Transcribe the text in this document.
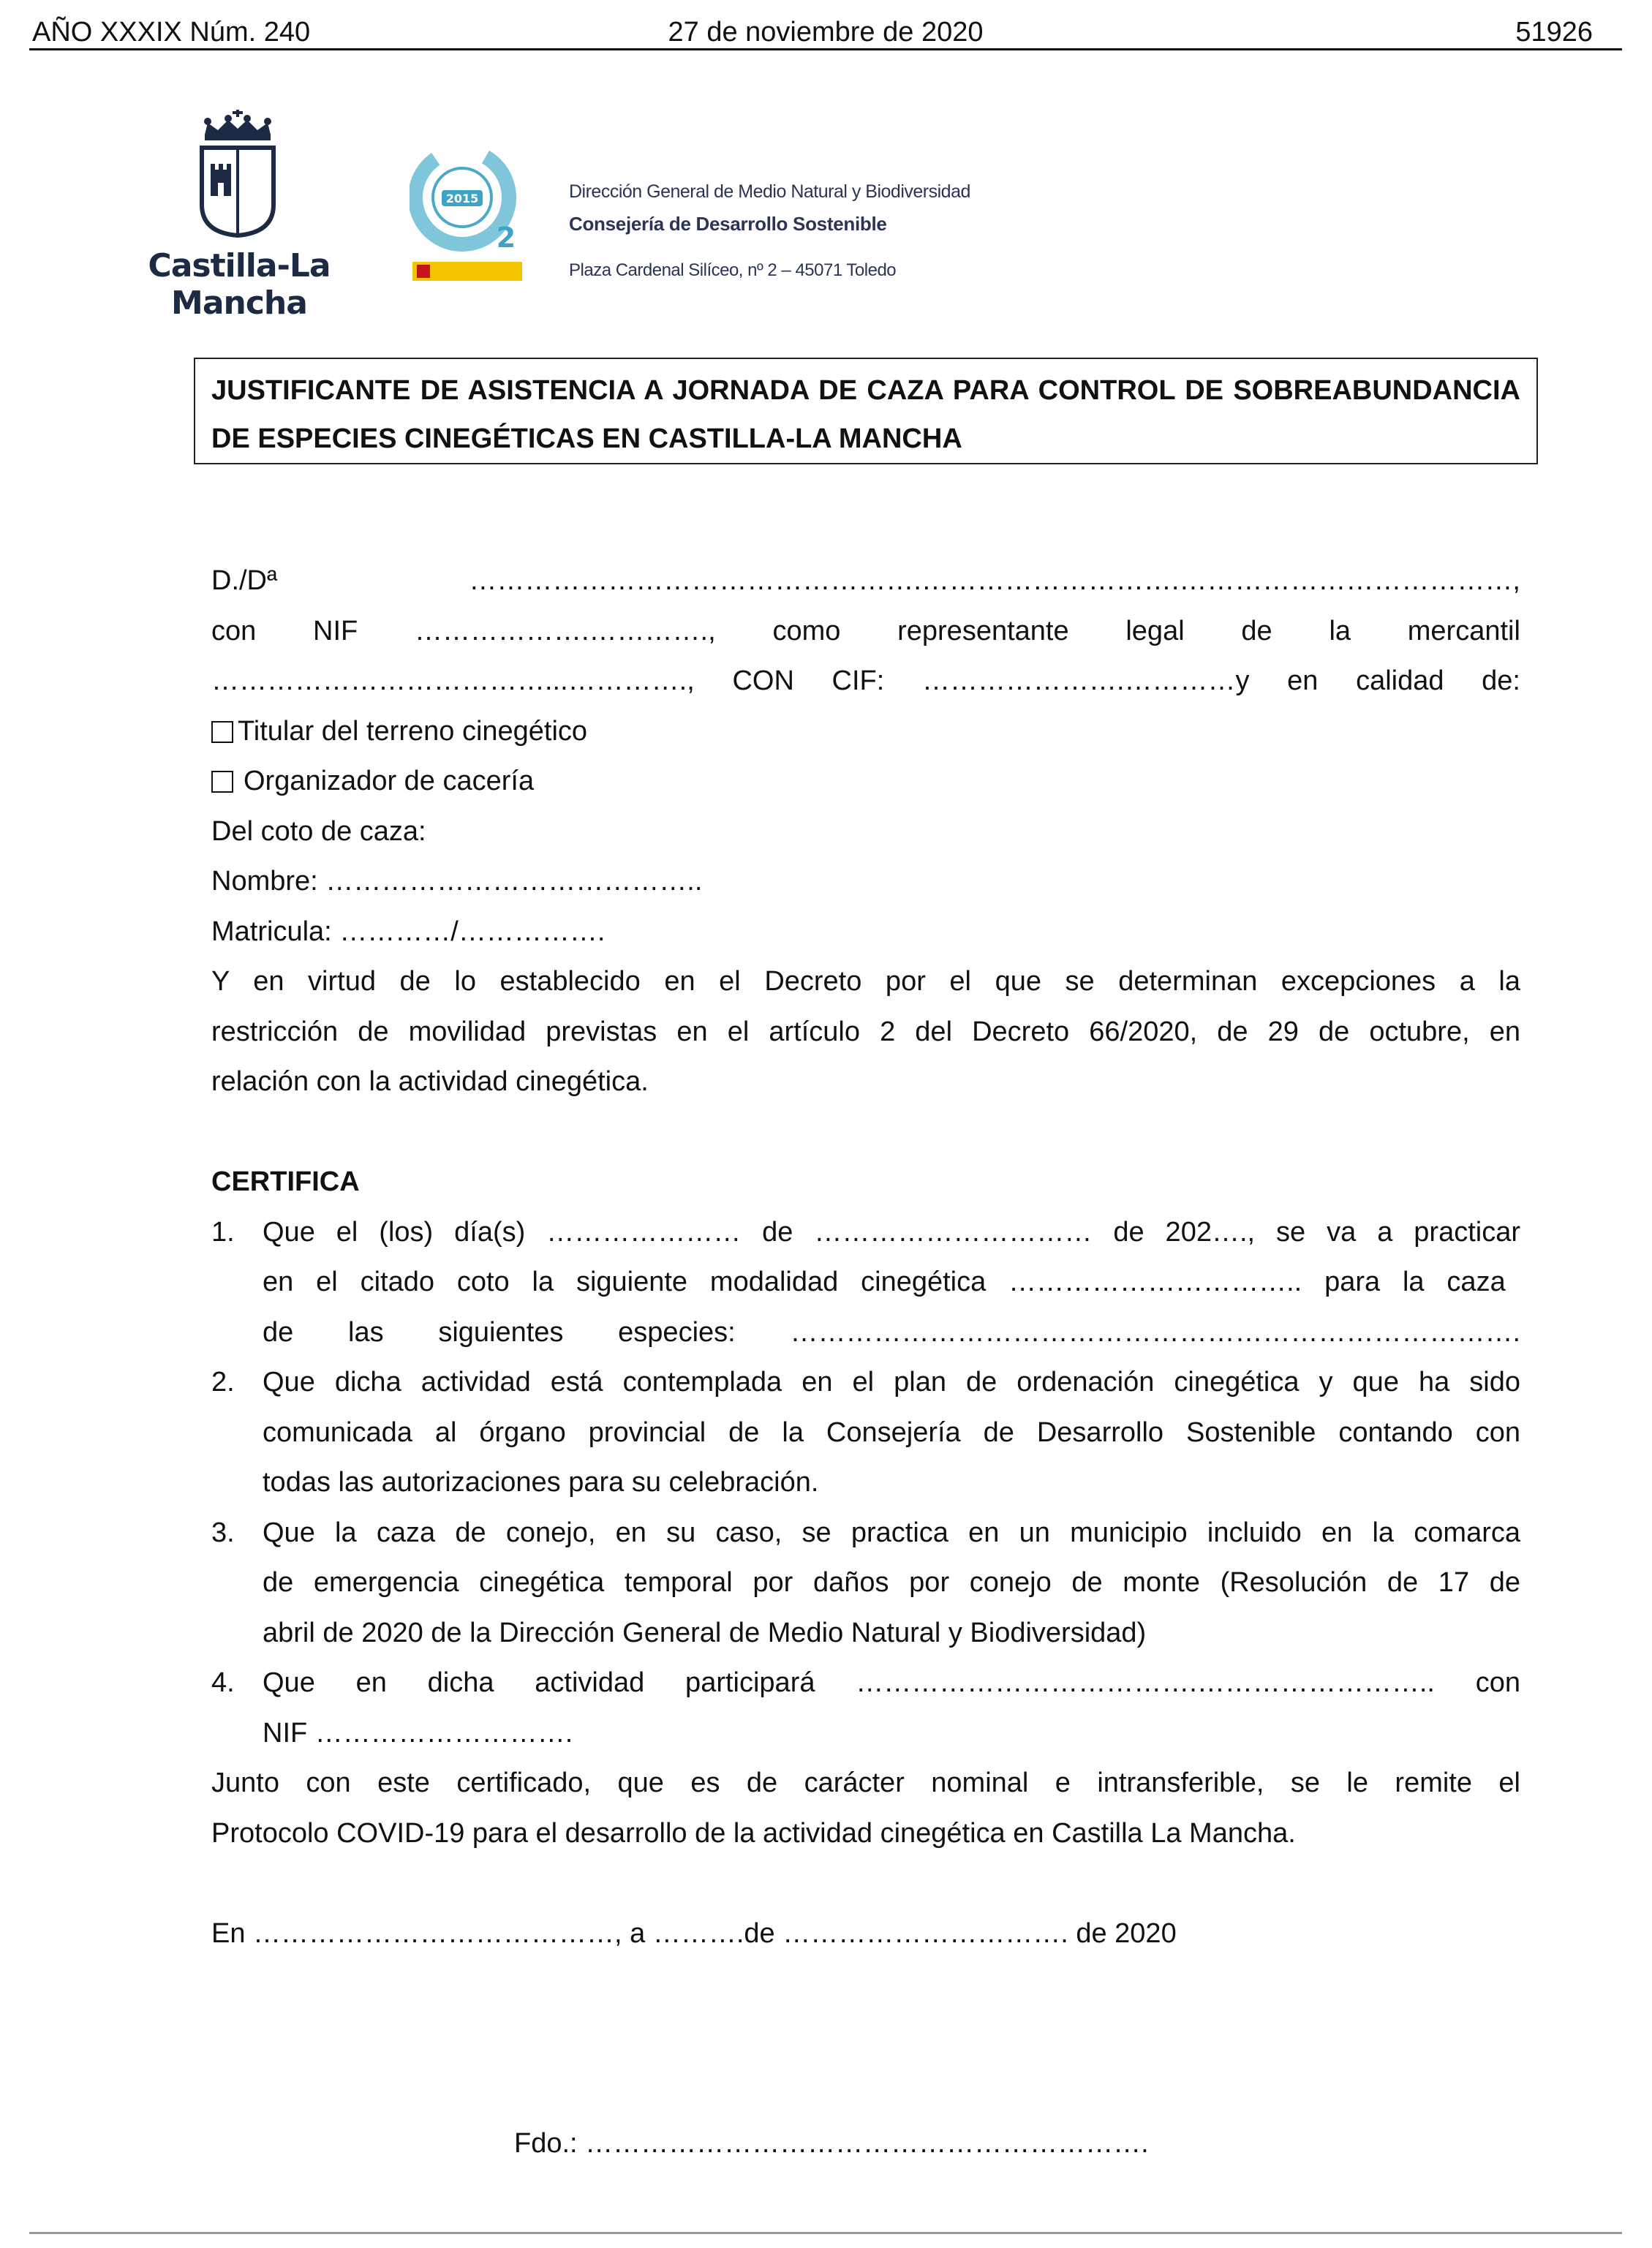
AÑO XXXIX Núm. 240	27 de noviembre de 2020	51926
Castilla-La Mancha
2015
2
Dirección General de Medio Natural y Biodiversidad
Consejería de Desarrollo Sostenible
Plaza Cardenal Silíceo, nº 2 – 45071 Toledo
JUSTIFICANTE DE ASISTENCIA A JORNADA DE CAZA PARA CONTROL DE SOBREABUNDANCIA DE ESPECIES CINEGÉTICAS EN CASTILLA-LA MANCHA
D./Dª	………………………………………….……………………….………………………………,
con NIF ……………….…………., como representante legal de la mercantil
………………………………...…………., CON CIF: ………………….…………y en calidad de:
Titular del terreno cinegético
Organizador de cacería
Del coto de caza:
Nombre: …………………………………..
Matricula: …………/…………….
Y en virtud de lo establecido en el Decreto por el que se determinan excepciones a la
restricción de movilidad previstas en el artículo 2 del Decreto 66/2020, de 29 de octubre, en
relación con la actividad cinegética.
CERTIFICA
1.	Que el (los) día(s) ………………… de ………………………… de 202…., se va a practicar
en el citado coto la siguiente modalidad cinegética ………………………….. para la caza
de las siguientes especies: …………………………………………………………………….
2.	Que dicha actividad está contemplada en el plan de ordenación cinegética y que ha sido
comunicada al órgano provincial de la Consejería de Desarrollo Sostenible contando con
todas las autorizaciones para su celebración.
3.	Que la caza de conejo, en su caso, se practica en un municipio incluido en la comarca
de emergencia cinegética temporal por daños por conejo de monte (Resolución de 17 de
abril de 2020 de la Dirección General de Medio Natural y Biodiversidad)
4.	Que en dicha actividad participará ……………………………….…………………….. con
NIF ……………………….
Junto con este certificado, que es de carácter nominal e intransferible, se le remite el
Protocolo COVID-19 para el desarrollo de la actividad cinegética en Castilla La Mancha.
En …………………………………, a ……….de …………………………. de 2020
Fdo.: …………………………………………………….
